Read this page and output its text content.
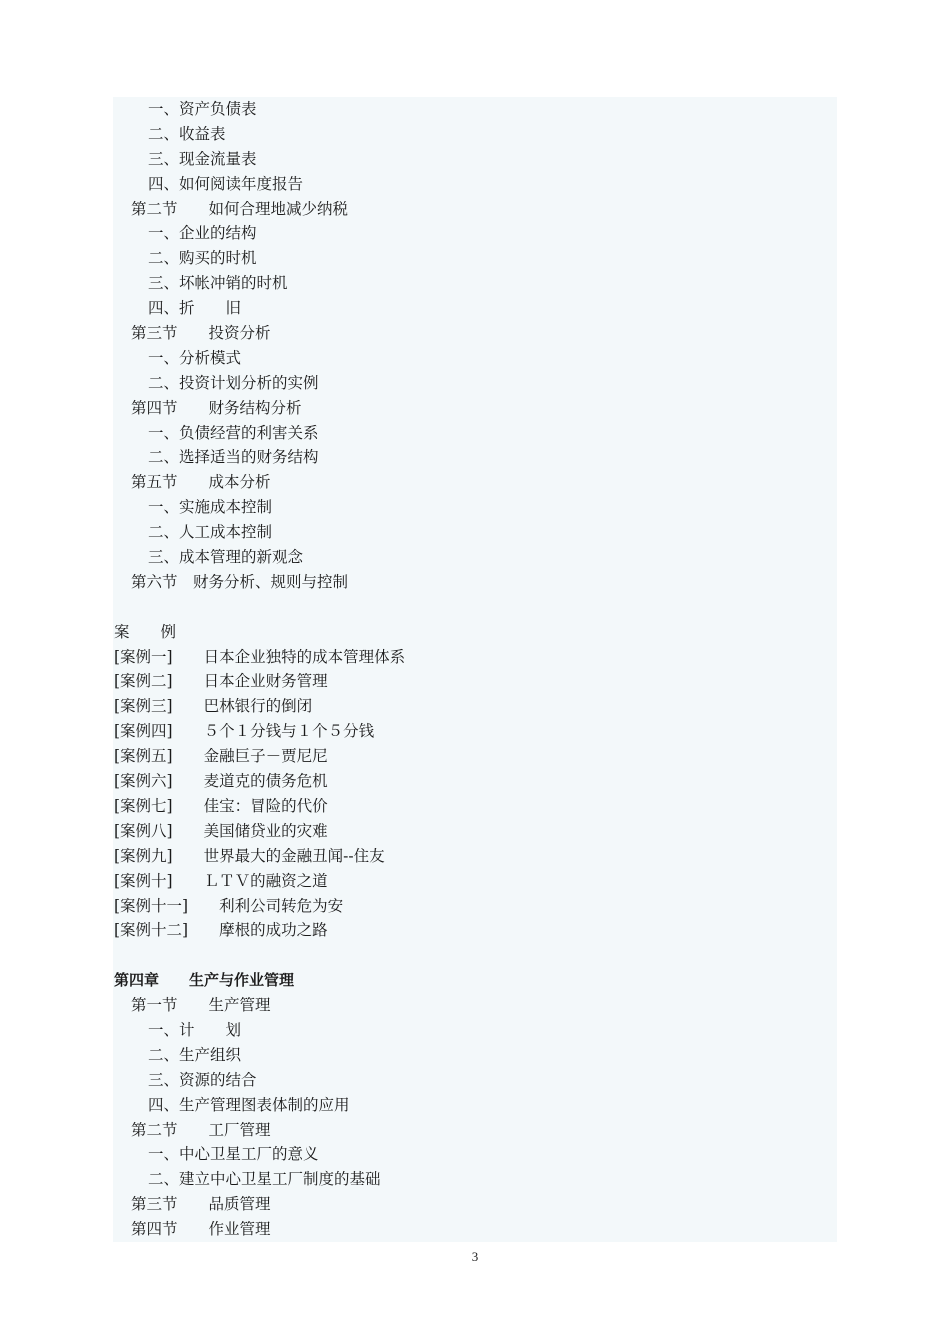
一、资产负债表
二、收益表
三、现金流量表
四、如何阅读年度报告
第二节　　如何合理地减少纳税
一、企业的结构
二、购买的时机
三、坏帐冲销的时机
四、折　　旧
第三节　　投资分析
一、分析模式
二、投资计划分析的实例
第四节　　财务结构分析
一、负债经营的利害关系
二、选择适当的财务结构
第五节　　成本分析
一、实施成本控制
二、人工成本控制
三、成本管理的新观念
第六节　财务分析、规则与控制
案　　例
[案例一]　　日本企业独特的成本管理体系
[案例二]　　日本企业财务管理
[案例三]　　巴林银行的倒闭
[案例四]　　５个１分钱与１个５分钱
[案例五]　　金融巨子－贾尼尼
[案例六]　　麦道克的债务危机
[案例七]　　佳宝：冒险的代价
[案例八]　　美国储贷业的灾难
[案例九]　　世界最大的金融丑闻--住友
[案例十]　　ＬＴＶ的融资之道
[案例十一]　　利利公司转危为安
[案例十二]　　摩根的成功之路
第四章　　生产与作业管理
第一节　　生产管理
一、计　　划
二、生产组织
三、资源的结合
四、生产管理图表体制的应用
第二节　　工厂管理
一、中心卫星工厂的意义
二、建立中心卫星工厂制度的基础
第三节　　品质管理
第四节　　作业管理
3
